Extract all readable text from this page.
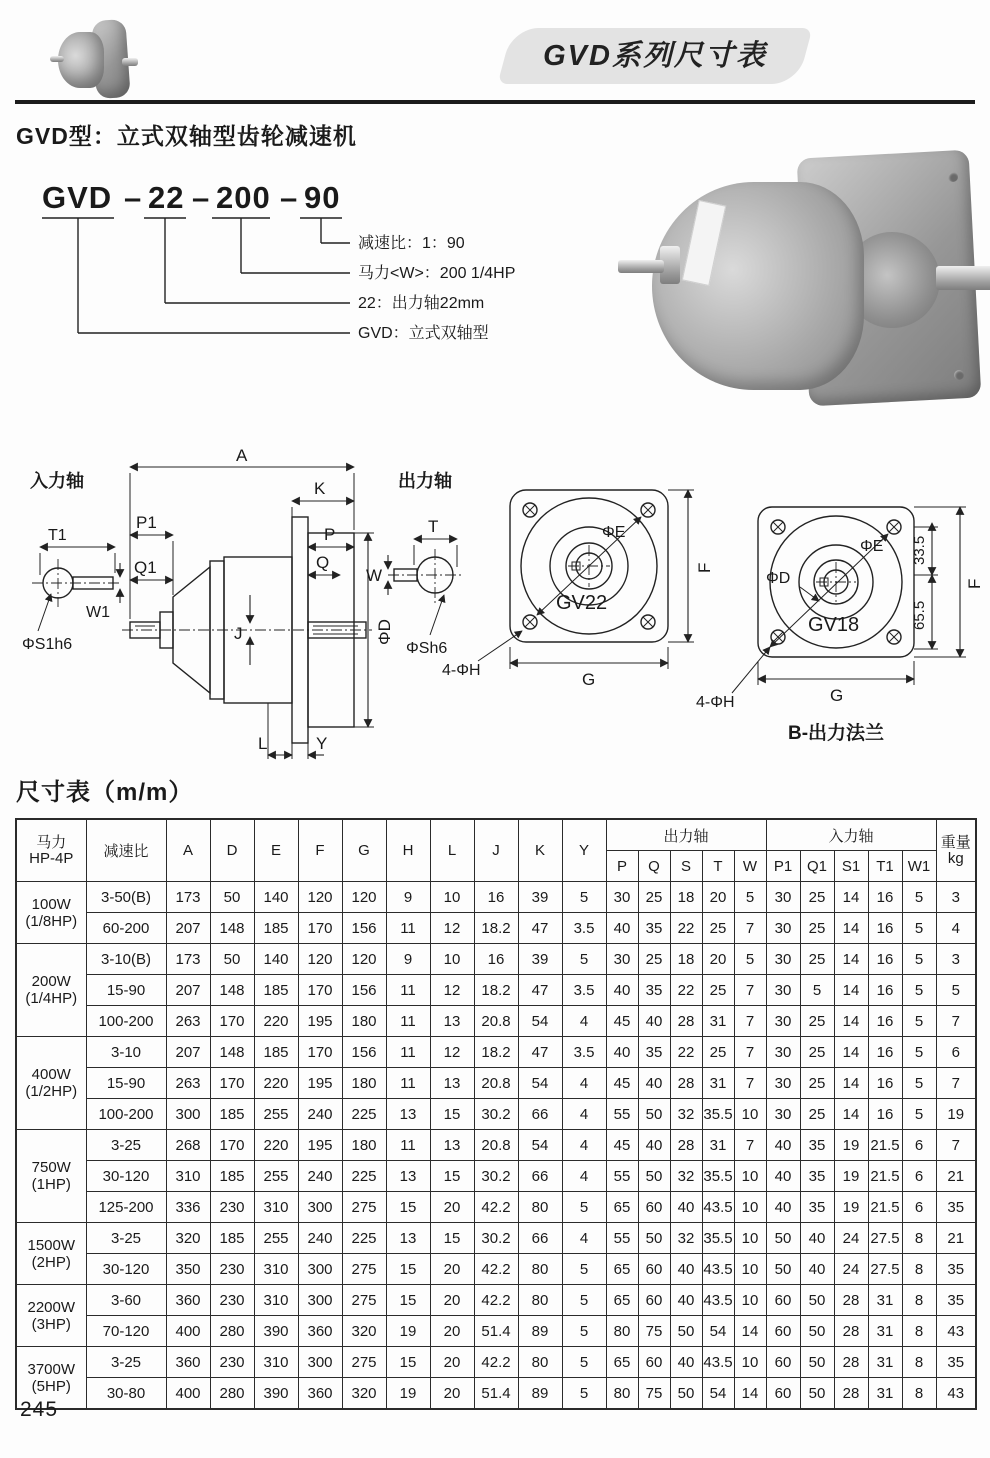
GVD系列尺寸表
GVD型：立式双轴型齿轮减速机
GVD – 22 – 200 – 90
减速比：1：90
马力<W>：200 1/4HP
22：出力轴22mm
GVD：立式双轴型
入力轴
T1
W1
ΦS1h6
A
K
P1
Q1
P
Q
J	ΦD
L	Y
出力轴
T
W
ΦSh6
ΦE
GV22
F
G
4-ΦH
ΦE
ΦD
GV18
33.5
65.5
F
G
4-ΦH
B-出力法兰
尺寸表（m/m）
马力
HP-4P	减速比	A	D	E	F	G	H	L	J	K	Y	出力轴					入力轴					重量
kg
												P	Q	S	T	W	P1	Q1	S1	T1	W1	
100W
(1/8HP)	3-50(B)	173	50	140	120	120	9	10	16	39	5	30	25	18	20	5	30	25	14	16	5	3
	60-200	207	148	185	170	156	11	12	18.2	47	3.5	40	35	22	25	7	30	25	14	16	5	4
200W
(1/4HP)	3-10(B)	173	50	140	120	120	9	10	16	39	5	30	25	18	20	5	30	25	14	16	5	3
	15-90	207	148	185	170	156	11	12	18.2	47	3.5	40	35	22	25	7	30	5	14	16	5	5
	100-200	263	170	220	195	180	11	13	20.8	54	4	45	40	28	31	7	30	25	14	16	5	7
400W
(1/2HP)	3-10	207	148	185	170	156	11	12	18.2	47	3.5	40	35	22	25	7	30	25	14	16	5	6
	15-90	263	170	220	195	180	11	13	20.8	54	4	45	40	28	31	7	30	25	14	16	5	7
	100-200	300	185	255	240	225	13	15	30.2	66	4	55	50	32	35.5	10	30	25	14	16	5	19
750W
(1HP)	3-25	268	170	220	195	180	11	13	20.8	54	4	45	40	28	31	7	40	35	19	21.5	6	7
	30-120	310	185	255	240	225	13	15	30.2	66	4	55	50	32	35.5	10	40	35	19	21.5	6	21
	125-200	336	230	310	300	275	15	20	42.2	80	5	65	60	40	43.5	10	40	35	19	21.5	6	35
1500W
(2HP)	3-25	320	185	255	240	225	13	15	30.2	66	4	55	50	32	35.5	10	50	40	24	27.5	8	21
	30-120	350	230	310	300	275	15	20	42.2	80	5	65	60	40	43.5	10	50	40	24	27.5	8	35
2200W
(3HP)	3-60	360	230	310	300	275	15	20	42.2	80	5	65	60	40	43.5	10	60	50	28	31	8	35
	70-120	400	280	390	360	320	19	20	51.4	89	5	80	75	50	54	14	60	50	28	31	8	43
3700W
(5HP)	3-25	360	230	310	300	275	15	20	42.2	80	5	65	60	40	43.5	10	60	50	28	31	8	35
	30-80	400	280	390	360	320	19	20	51.4	89	5	80	75	50	54	14	60	50	28	31	8	43
245
